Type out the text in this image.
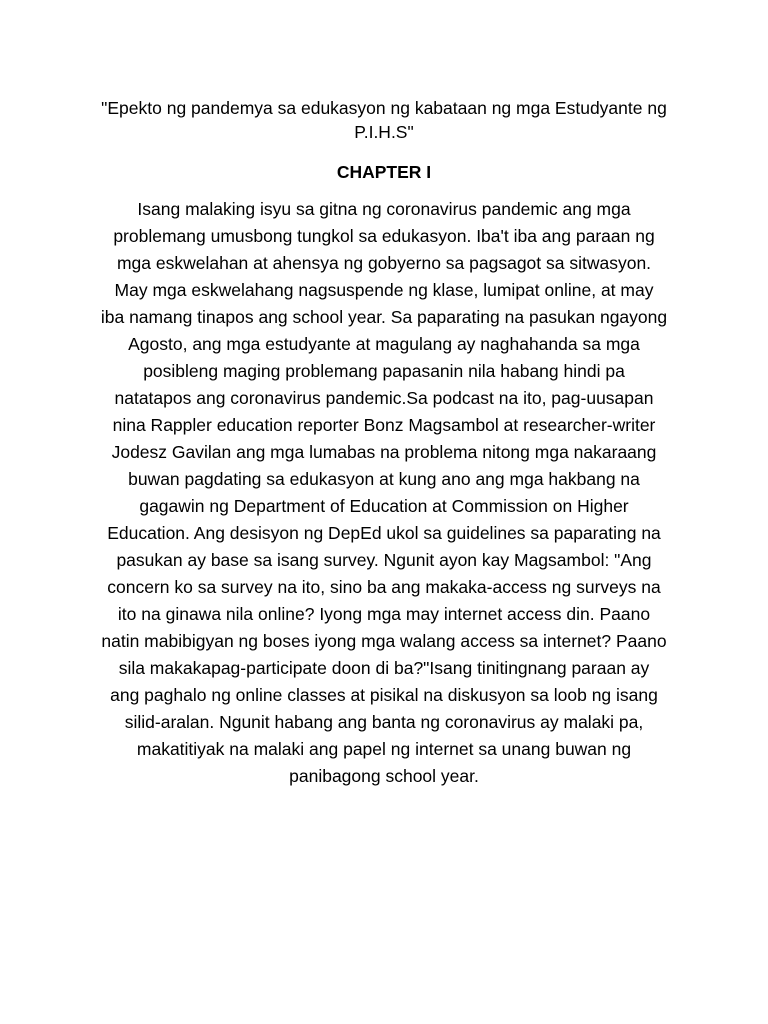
"Epekto ng pandemya sa edukasyon ng kabataan ng mga Estudyante ng
P.I.H.S"
CHAPTER I
Isang malaking isyu sa gitna ng coronavirus pandemic ang mga
problemang umusbong tungkol sa edukasyon. Iba't iba ang paraan ng
mga eskwelahan at ahensya ng gobyerno sa pagsagot sa sitwasyon.
May mga eskwelahang nagsuspende ng klase, lumipat online, at may
iba namang tinapos ang school year. Sa paparating na pasukan ngayong
Agosto, ang mga estudyante at magulang ay naghahanda sa mga
posibleng maging problemang papasanin nila habang hindi pa
natatapos ang coronavirus pandemic.Sa podcast na ito, pag-uusapan
nina Rappler education reporter Bonz Magsambol at researcher-writer
Jodesz Gavilan ang mga lumabas na problema nitong mga nakaraang
buwan pagdating sa edukasyon at kung ano ang mga hakbang na
gagawin ng Department of Education at Commission on Higher
Education. Ang desisyon ng DepEd ukol sa guidelines sa paparating na
pasukan ay base sa isang survey. Ngunit ayon kay Magsambol: "Ang
concern ko sa survey na ito, sino ba ang makaka-access ng surveys na
ito na ginawa nila online? Iyong mga may internet access din. Paano
natin mabibigyan ng boses iyong mga walang access sa internet? Paano
sila makakapag-participate doon di ba?"Isang tinitingnang paraan ay
ang paghalo ng online classes at pisikal na diskusyon sa loob ng isang
silid-aralan. Ngunit habang ang banta ng coronavirus ay malaki pa,
makatitiyak na malaki ang papel ng internet sa unang buwan ng
panibagong school year.
